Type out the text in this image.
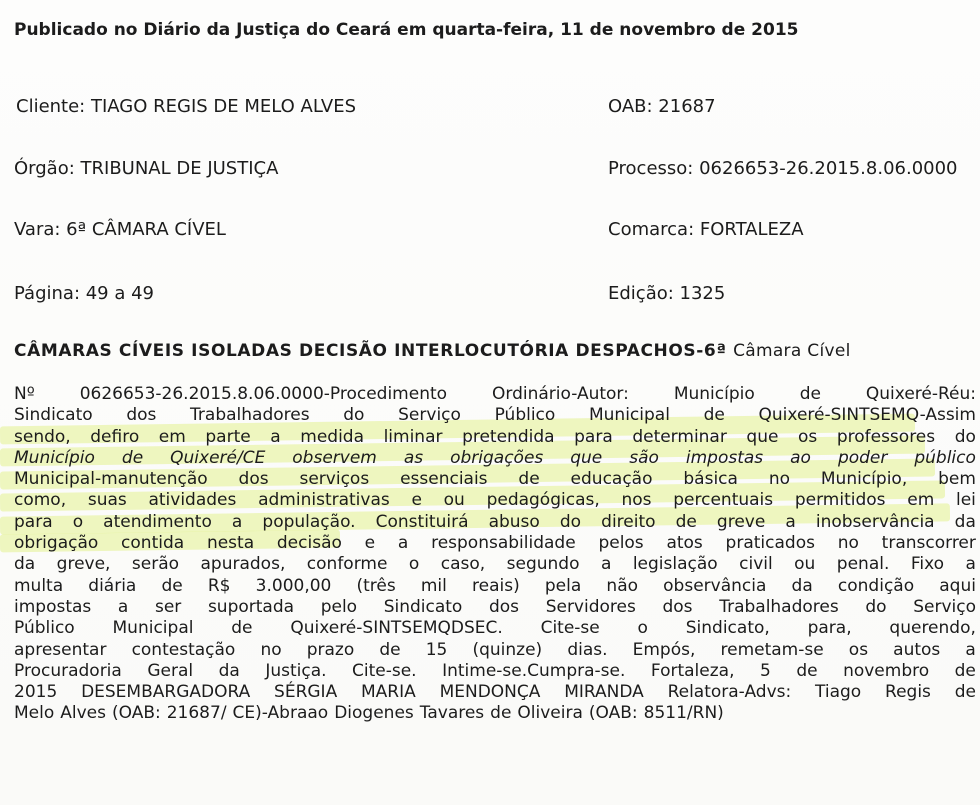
Publicado no Diário da Justiça do Ceará em quarta-feira, 11 de novembro de 2015
Cliente: TIAGO REGIS DE MELO ALVES	OAB: 21687
Órgão: TRIBUNAL DE JUSTIÇA	Processo: 0626653-26.2015.8.06.0000
Vara: 6ª CÂMARA CÍVEL	Comarca: FORTALEZA
Página: 49 a 49	Edição: 1325
CÂMARAS CÍVEIS ISOLADAS DECISÃO INTERLOCUTÓRIA DESPACHOS-6ª Câmara Cível
Nº	0626653-26.2015.8.06.0000-Procedimento	Ordinário-Autor:	Município	de	Quixeré-Réu:
Sindicato dos Trabalhadores do Serviço Público Municipal de Quixeré-SINTSEMQ-Assim
sendo, defiro em parte a medida liminar pretendida para determinar que os professores do
Município de Quixeré/CE observem as obrigações que são impostas ao poder público
Municipal-manutenção dos serviços essenciais de educação básica no Município, bem
como, suas atividades administrativas e ou pedagógicas, nos percentuais permitidos em lei
para o atendimento a população. Constituirá abuso do direito de greve a inobservância da
obrigação contida nesta decisão e a responsabilidade pelos atos praticados no transcorrer
da greve, serão apurados, conforme o caso, segundo a legislação civil ou penal. Fixo a
multa diária de R$ 3.000,00 (três mil reais) pela não observância da condição aqui
impostas a ser suportada pelo Sindicato dos Servidores dos Trabalhadores do Serviço
Público Municipal de Quixeré-SINTSEMQDSEC. Cite-se o Sindicato, para, querendo,
apresentar contestação no prazo de 15 (quinze) dias. Empós, remetam-se os autos a
Procuradoria Geral da Justiça. Cite-se. Intime-se.Cumpra-se. Fortaleza, 5 de novembro de
2015 DESEMBARGADORA SÉRGIA MARIA MENDONÇA MIRANDA Relatora-Advs: Tiago Regis de
Melo Alves (OAB: 21687/ CE)-Abraao Diogenes Tavares de Oliveira (OAB: 8511/RN)
